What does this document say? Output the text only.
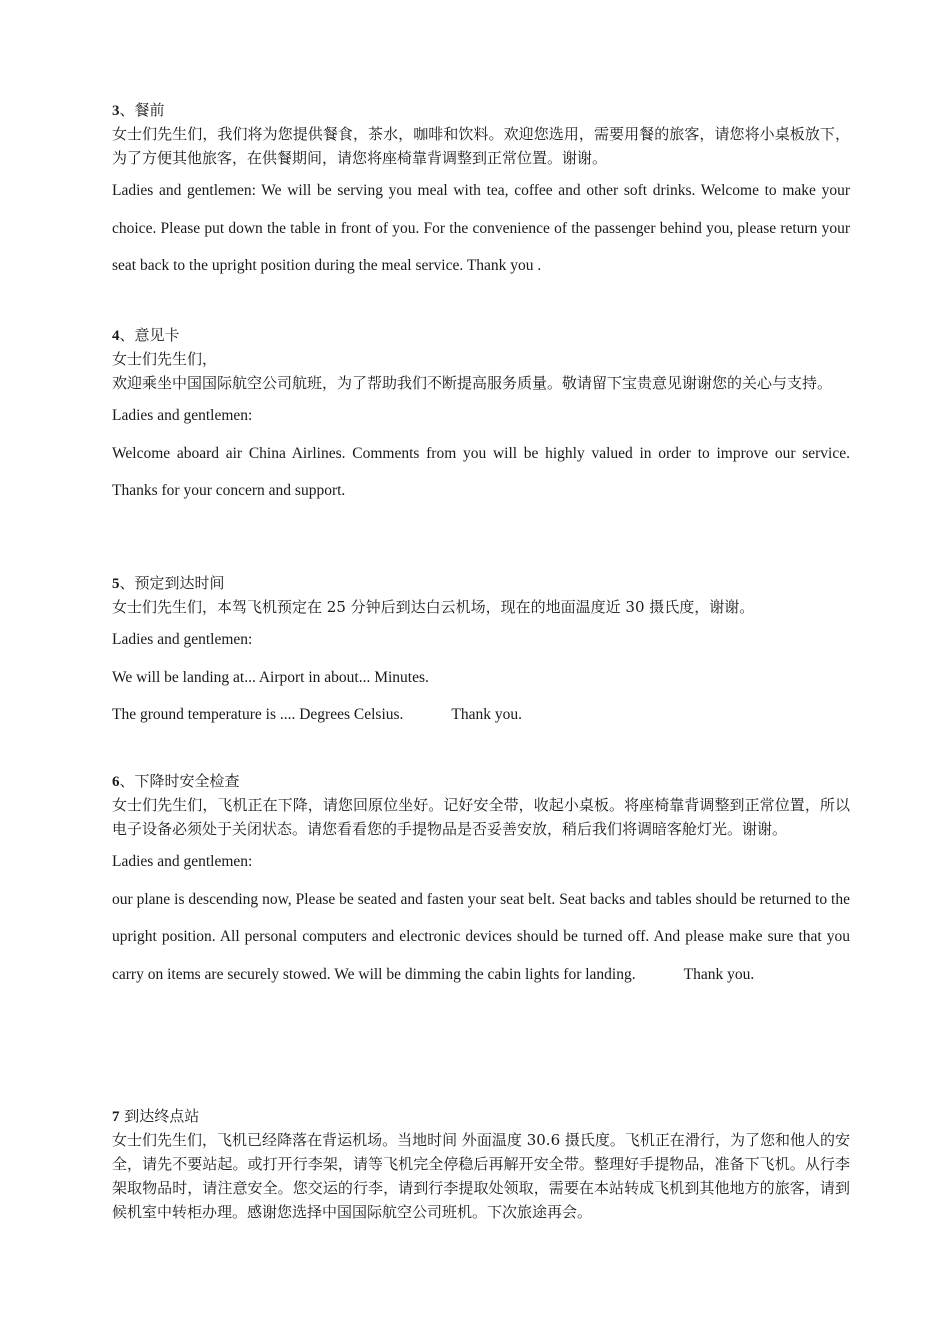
3、餐前
女士们先生们，我们将为您提供餐食，茶水，咖啡和饮料。欢迎您选用，需要用餐的旅客，请您将小桌板放下，为了方便其他旅客，在供餐期间，请您将座椅靠背调整到正常位置。谢谢。
Ladies and gentlemen: We will be serving you meal with tea, coffee and other soft drinks. Welcome to make your choice. Please put down the table in front of you. For the convenience of the passenger behind you, please return your seat back to the upright position during the meal service. Thank you .
4、意见卡
女士们先生们，
欢迎乘坐中国国际航空公司航班，为了帮助我们不断提高服务质量。敬请留下宝贵意见谢谢您的关心与支持。
Ladies and gentlemen:
Welcome aboard air China Airlines. Comments from you will be highly valued in order to improve our service. Thanks for your concern and support.
5、预定到达时间
女士们先生们，本驾飞机预定在 25 分钟后到达白云机场，现在的地面温度近 30 摄氏度，谢谢。
Ladies and gentlemen:
We will be landing at... Airport in about... Minutes.
The ground temperature is .... Degrees Celsius.	Thank you.
6、下降时安全检查
女士们先生们，飞机正在下降，请您回原位坐好。记好安全带，收起小桌板。将座椅靠背调整到正常位置，所以电子设备必须处于关闭状态。请您看看您的手提物品是否妥善安放，稍后我们将调暗客舱灯光。谢谢。
Ladies and gentlemen:
our plane is descending now, Please be seated and fasten your seat belt. Seat backs and tables should be returned to the upright position. All personal computers and electronic devices should be turned off. And please make sure that you carry on items are securely stowed. We will be dimming the cabin lights for landing.	Thank you.
7 到达终点站
女士们先生们，飞机已经降落在背运机场。当地时间 外面温度 30.6 摄氏度。飞机正在滑行，为了您和他人的安全，请先不要站起。或打开行李架，请等飞机完全停稳后再解开安全带。整理好手提物品，准备下飞机。从行李架取物品时，请注意安全。您交运的行李，请到行李提取处领取，需要在本站转成飞机到其他地方的旅客，请到候机室中转柜办理。感谢您选择中国国际航空公司班机。下次旅途再会。
